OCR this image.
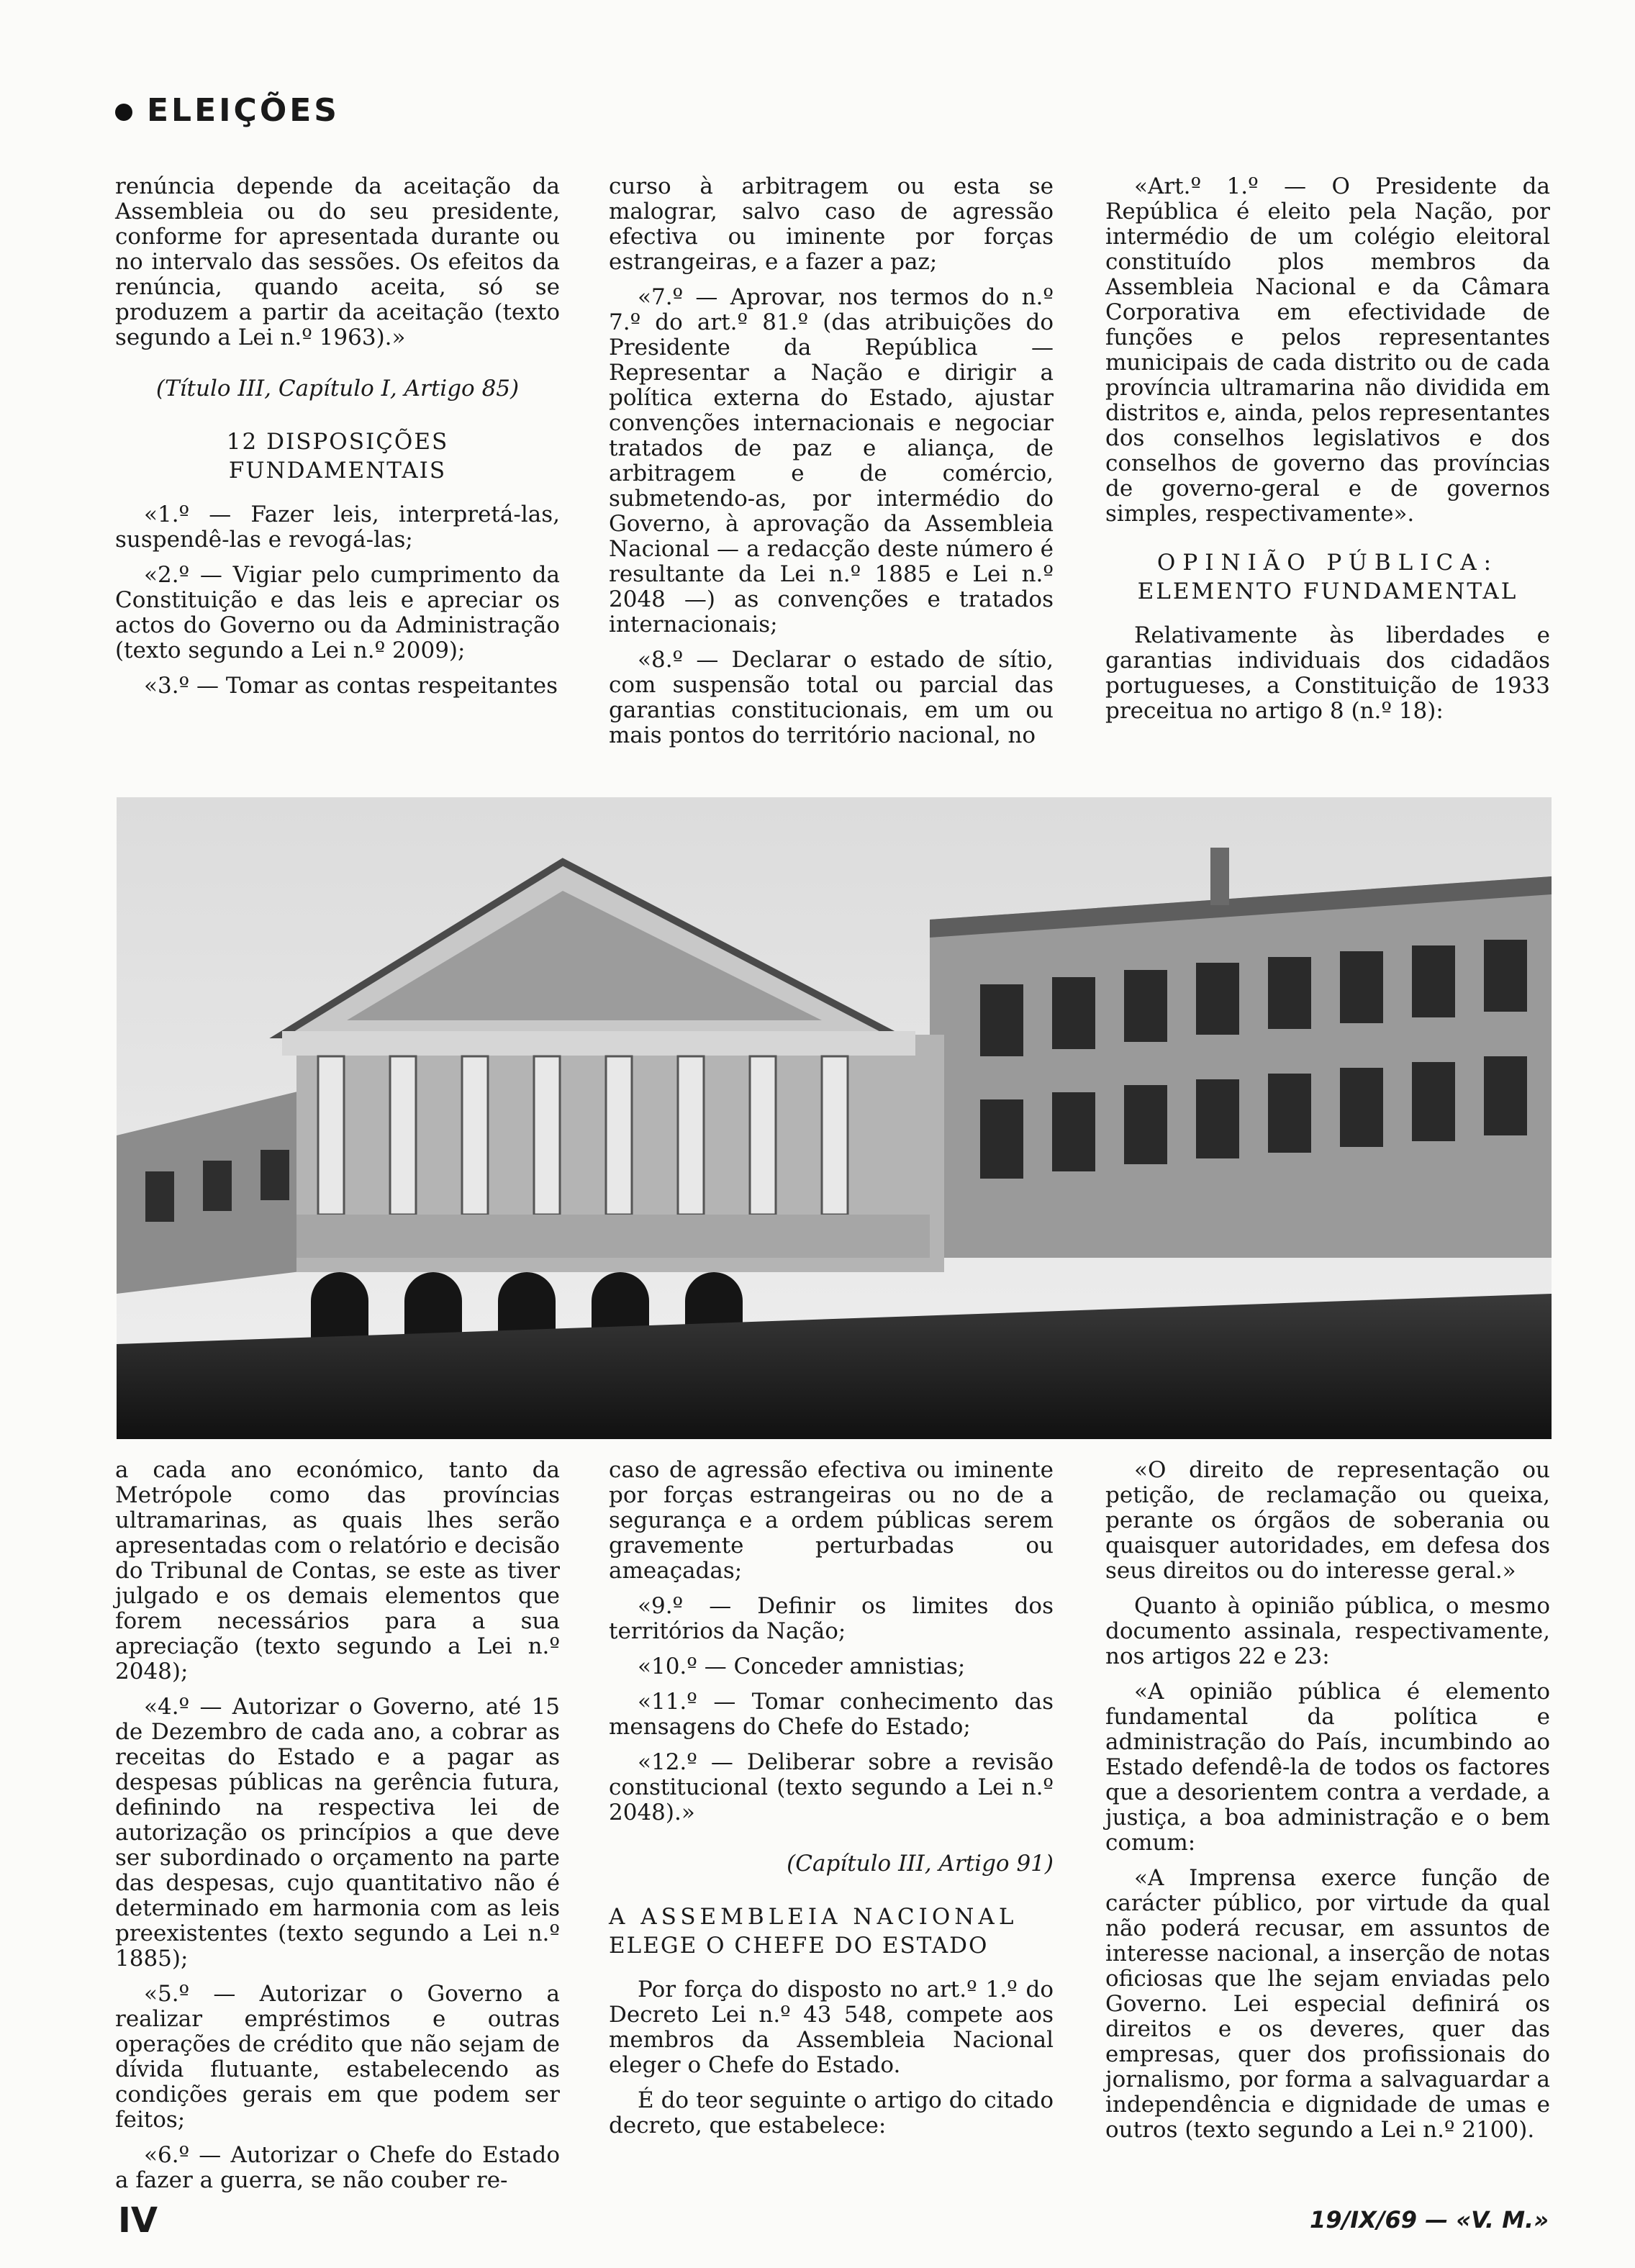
ELEIÇÕES

renúncia depende da aceitação da Assembleia ou do seu presidente, conforme for apresentada durante ou no intervalo das sessões. Os efeitos da renúncia, quando aceita, só se produzem a partir da aceitação (texto segundo a Lei n.º 1963).»

(Título III, Capítulo I, Artigo 85)

12 DISPOSIÇÕES
FUNDAMENTAIS

«1.º — Fazer leis, interpretá-las, suspendê-las e revogá-las;

«2.º — Vigiar pelo cumprimento da Constituição e das leis e apreciar os actos do Governo ou da Administração (texto segundo a Lei n.º 2009);

«3.º — Tomar as contas respeitantes

curso à arbitragem ou esta se malograr, salvo caso de agressão efectiva ou iminente por forças estrangeiras, e a fazer a paz;

«7.º — Aprovar, nos termos do n.º 7.º do art.º 81.º (das atribuições do Presidente da República — Representar a Nação e dirigir a política externa do Estado, ajustar convenções internacionais e negociar tratados de paz e aliança, de arbitragem e de comércio, submetendo-as, por intermédio do Governo, à aprovação da Assembleia Nacional — a redacção deste número é resultante da Lei n.º 1885 e Lei n.º 2048 —) as convenções e tratados internacionais;

«8.º — Declarar o estado de sítio, com suspensão total ou parcial das garantias constitucionais, em um ou mais pontos do território nacional, no

«Art.º 1.º — O Presidente da República é eleito pela Nação, por intermédio de um colégio eleitoral constituído plos membros da Assembleia Nacional e da Câmara Corporativa em efectividade de funções e pelos representantes municipais de cada distrito ou de cada província ultramarina não dividida em distritos e, ainda, pelos representantes dos conselhos legislativos e dos conselhos de governo das províncias de governo-geral e de governos simples, respectivamente».

OPINIÃO PÚBLICA:
ELEMENTO FUNDAMENTAL

Relativamente às liberdades e garantias individuais dos cidadãos portugueses, a Constituição de 1933 preceitua no artigo 8 (n.º 18):

a cada ano económico, tanto da Metrópole como das províncias ultramarinas, as quais lhes serão apresentadas com o relatório e decisão do Tribunal de Contas, se este as tiver julgado e os demais elementos que forem necessários para a sua apreciação (texto segundo a Lei n.º 2048);

«4.º — Autorizar o Governo, até 15 de Dezembro de cada ano, a cobrar as receitas do Estado e a pagar as despesas públicas na gerência futura, definindo na respectiva lei de autorização os princípios a que deve ser subordinado o orçamento na parte das despesas, cujo quantitativo não é determinado em harmonia com as leis preexistentes (texto segundo a Lei n.º 1885);

«5.º — Autorizar o Governo a realizar empréstimos e outras operações de crédito que não sejam de dívida flutuante, estabelecendo as condições gerais em que podem ser feitos;

«6.º — Autorizar o Chefe do Estado a fazer a guerra, se não couber re-

caso de agressão efectiva ou iminente por forças estrangeiras ou no de a segurança e a ordem públicas serem gravemente perturbadas ou ameaçadas;

«9.º — Definir os limites dos territórios da Nação;

«10.º — Conceder amnistias;

«11.º — Tomar conhecimento das mensagens do Chefe do Estado;

«12.º — Deliberar sobre a revisão constitucional (texto segundo a Lei n.º 2048).»

(Capítulo III, Artigo 91)

A ASSEMBLEIA NACIONAL
ELEGE O CHEFE DO ESTADO

Por força do disposto no art.º 1.º do Decreto Lei n.º 43 548, compete aos membros da Assembleia Nacional eleger o Chefe do Estado.

É do teor seguinte o artigo do citado decreto, que estabelece:

«O direito de representação ou petição, de reclamação ou queixa, perante os órgãos de soberania ou quaisquer autoridades, em defesa dos seus direitos ou do interesse geral.»

Quanto à opinião pública, o mesmo documento assinala, respectivamente, nos artigos 22 e 23:

«A opinião pública é elemento fundamental da política e administração do País, incumbindo ao Estado defendê-la de todos os factores que a desorientem contra a verdade, a justiça, a boa administração e o bem comum:

«A Imprensa exerce função de carácter público, por virtude da qual não poderá recusar, em assuntos de interesse nacional, a inserção de notas oficiosas que lhe sejam enviadas pelo Governo. Lei especial definirá os direitos e os deveres, quer das empresas, quer dos profissionais do jornalismo, por forma a salvaguardar a independência e dignidade de umas e outros (texto segundo a Lei n.º 2100).

IV	19/IX/69 — «V. M.»
